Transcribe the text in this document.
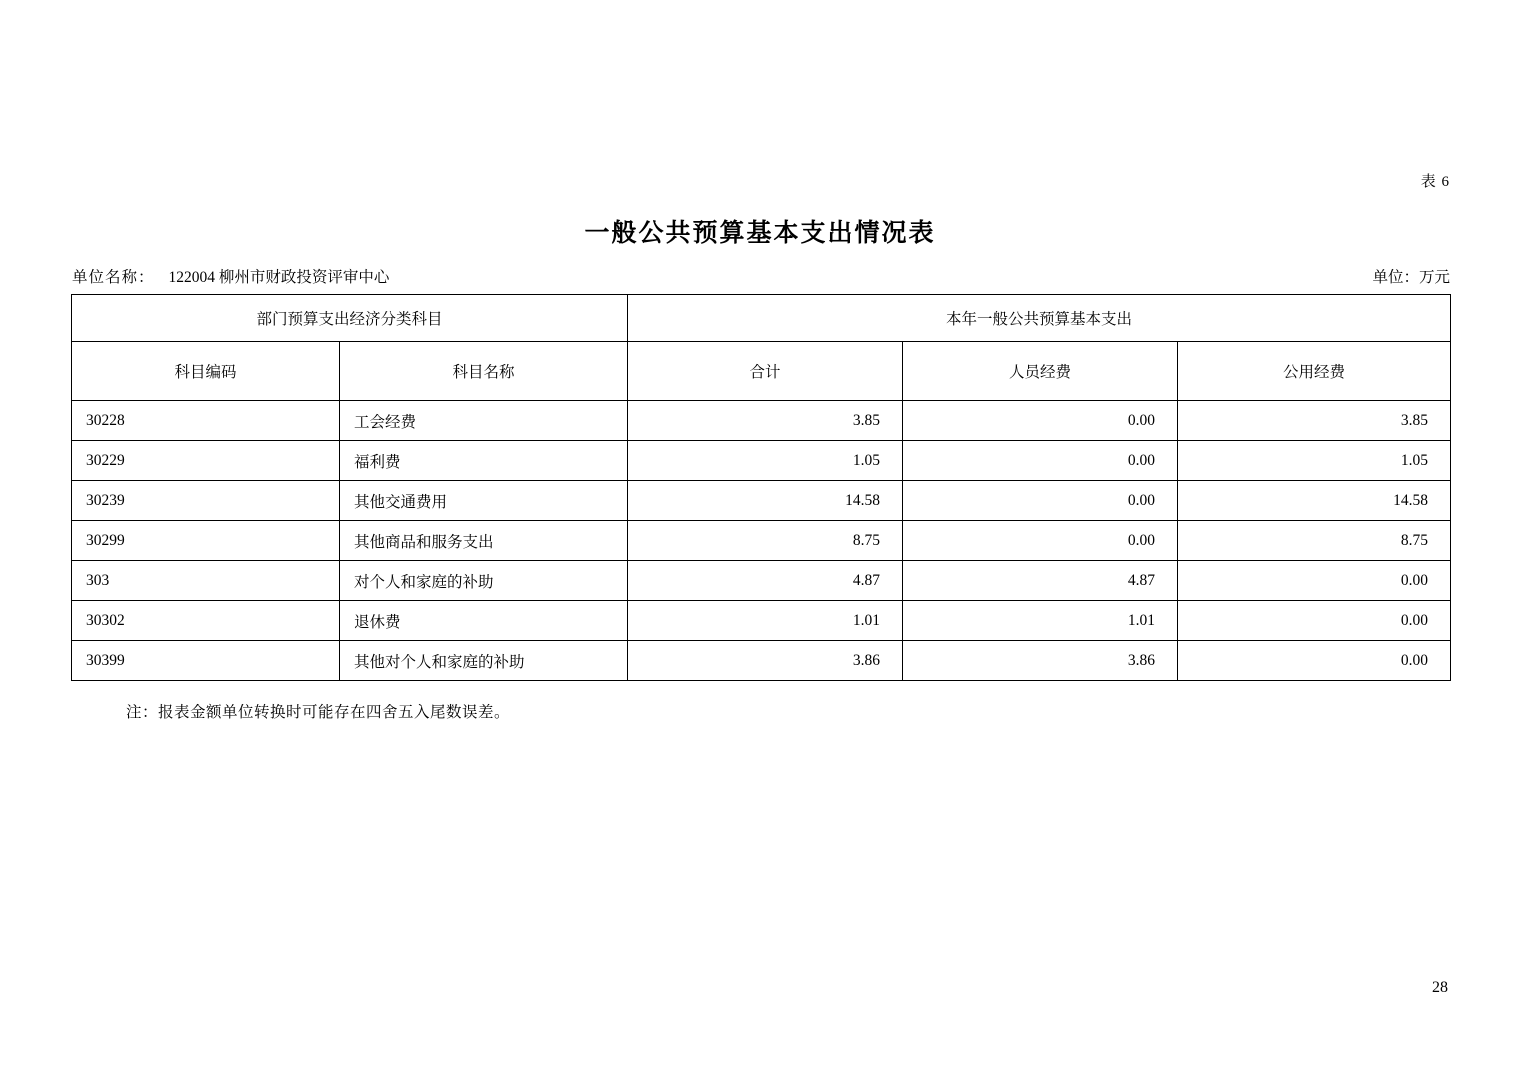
表 6
一般公共预算基本支出情况表
单位名称： 122004 柳州市财政投资评审中心	单位：万元
部门预算支出经济分类科目		本年一般公共预算基本支出		
科目编码	科目名称	合计	人员经费	公用经费
30228	工会经费	3.85	0.00	3.85
30229	福利费	1.05	0.00	1.05
30239	其他交通费用	14.58	0.00	14.58
30299	其他商品和服务支出	8.75	0.00	8.75
303	对个人和家庭的补助	4.87	4.87	0.00
30302	退休费	1.01	1.01	0.00
30399	其他对个人和家庭的补助	3.86	3.86	0.00
注：报表金额单位转换时可能存在四舍五入尾数误差。
28
